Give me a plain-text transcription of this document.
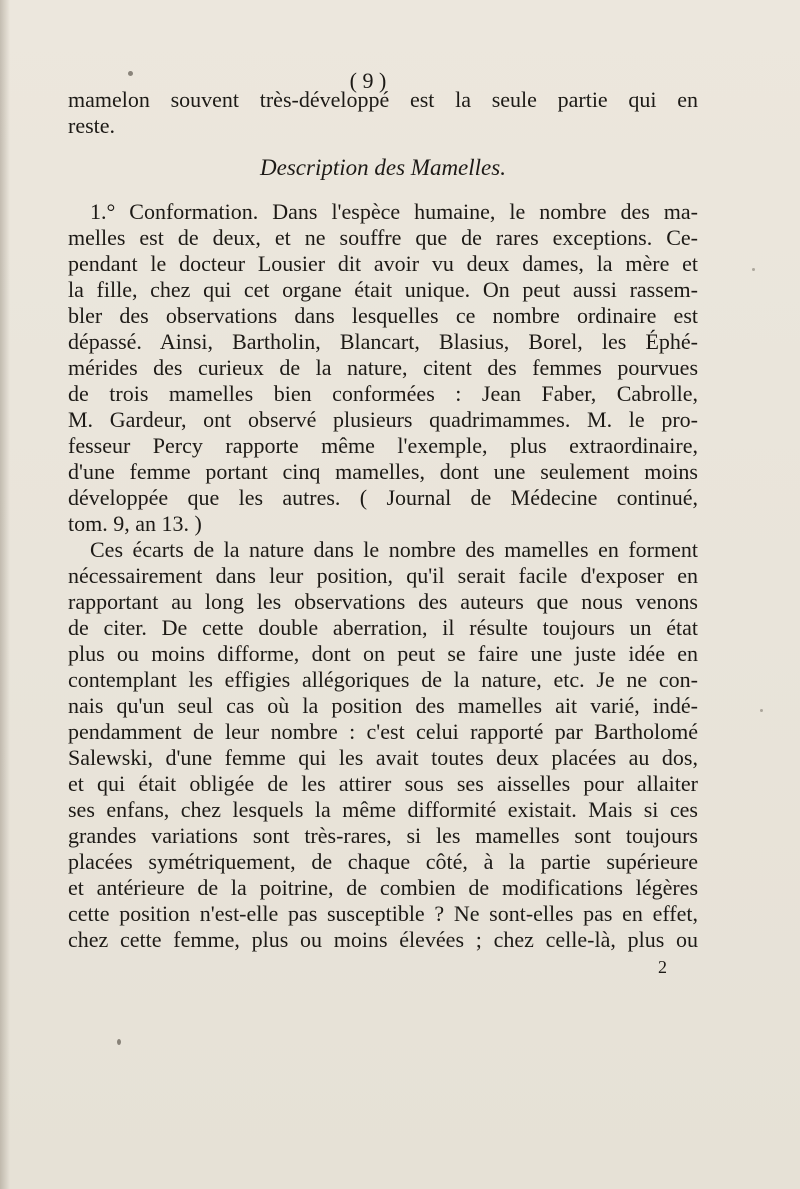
( 9 )
mamelon souvent très-développé est la seule partie qui en
reste.
Description des Mamelles.
1.° Conformation. Dans l'espèce humaine, le nombre des ma-
melles est de deux, et ne souffre que de rares exceptions. Ce-
pendant le docteur Lousier dit avoir vu deux dames, la mère et
la fille, chez qui cet organe était unique. On peut aussi rassem-
bler des observations dans lesquelles ce nombre ordinaire est
dépassé. Ainsi, Bartholin, Blancart, Blasius, Borel, les Éphé-
mérides des curieux de la nature, citent des femmes pourvues
de trois mamelles bien conformées : Jean Faber, Cabrolle,
M. Gardeur, ont observé plusieurs quadrimammes. M. le pro-
fesseur Percy rapporte même l'exemple, plus extraordinaire,
d'une femme portant cinq mamelles, dont une seulement moins
développée que les autres. ( Journal de Médecine continué,
tom. 9, an 13. )
Ces écarts de la nature dans le nombre des mamelles en forment
nécessairement dans leur position, qu'il serait facile d'exposer en
rapportant au long les observations des auteurs que nous venons
de citer. De cette double aberration, il résulte toujours un état
plus ou moins difforme, dont on peut se faire une juste idée en
contemplant les effigies allégoriques de la nature, etc. Je ne con-
nais qu'un seul cas où la position des mamelles ait varié, indé-
pendamment de leur nombre : c'est celui rapporté par Bartholomé
Salewski, d'une femme qui les avait toutes deux placées au dos,
et qui était obligée de les attirer sous ses aisselles pour allaiter
ses enfans, chez lesquels la même difformité existait. Mais si ces
grandes variations sont très-rares, si les mamelles sont toujours
placées symétriquement, de chaque côté, à la partie supérieure
et antérieure de la poitrine, de combien de modifications légères
cette position n'est-elle pas susceptible ? Ne sont-elles pas en effet,
chez cette femme, plus ou moins élevées ; chez celle-là, plus ou
2
